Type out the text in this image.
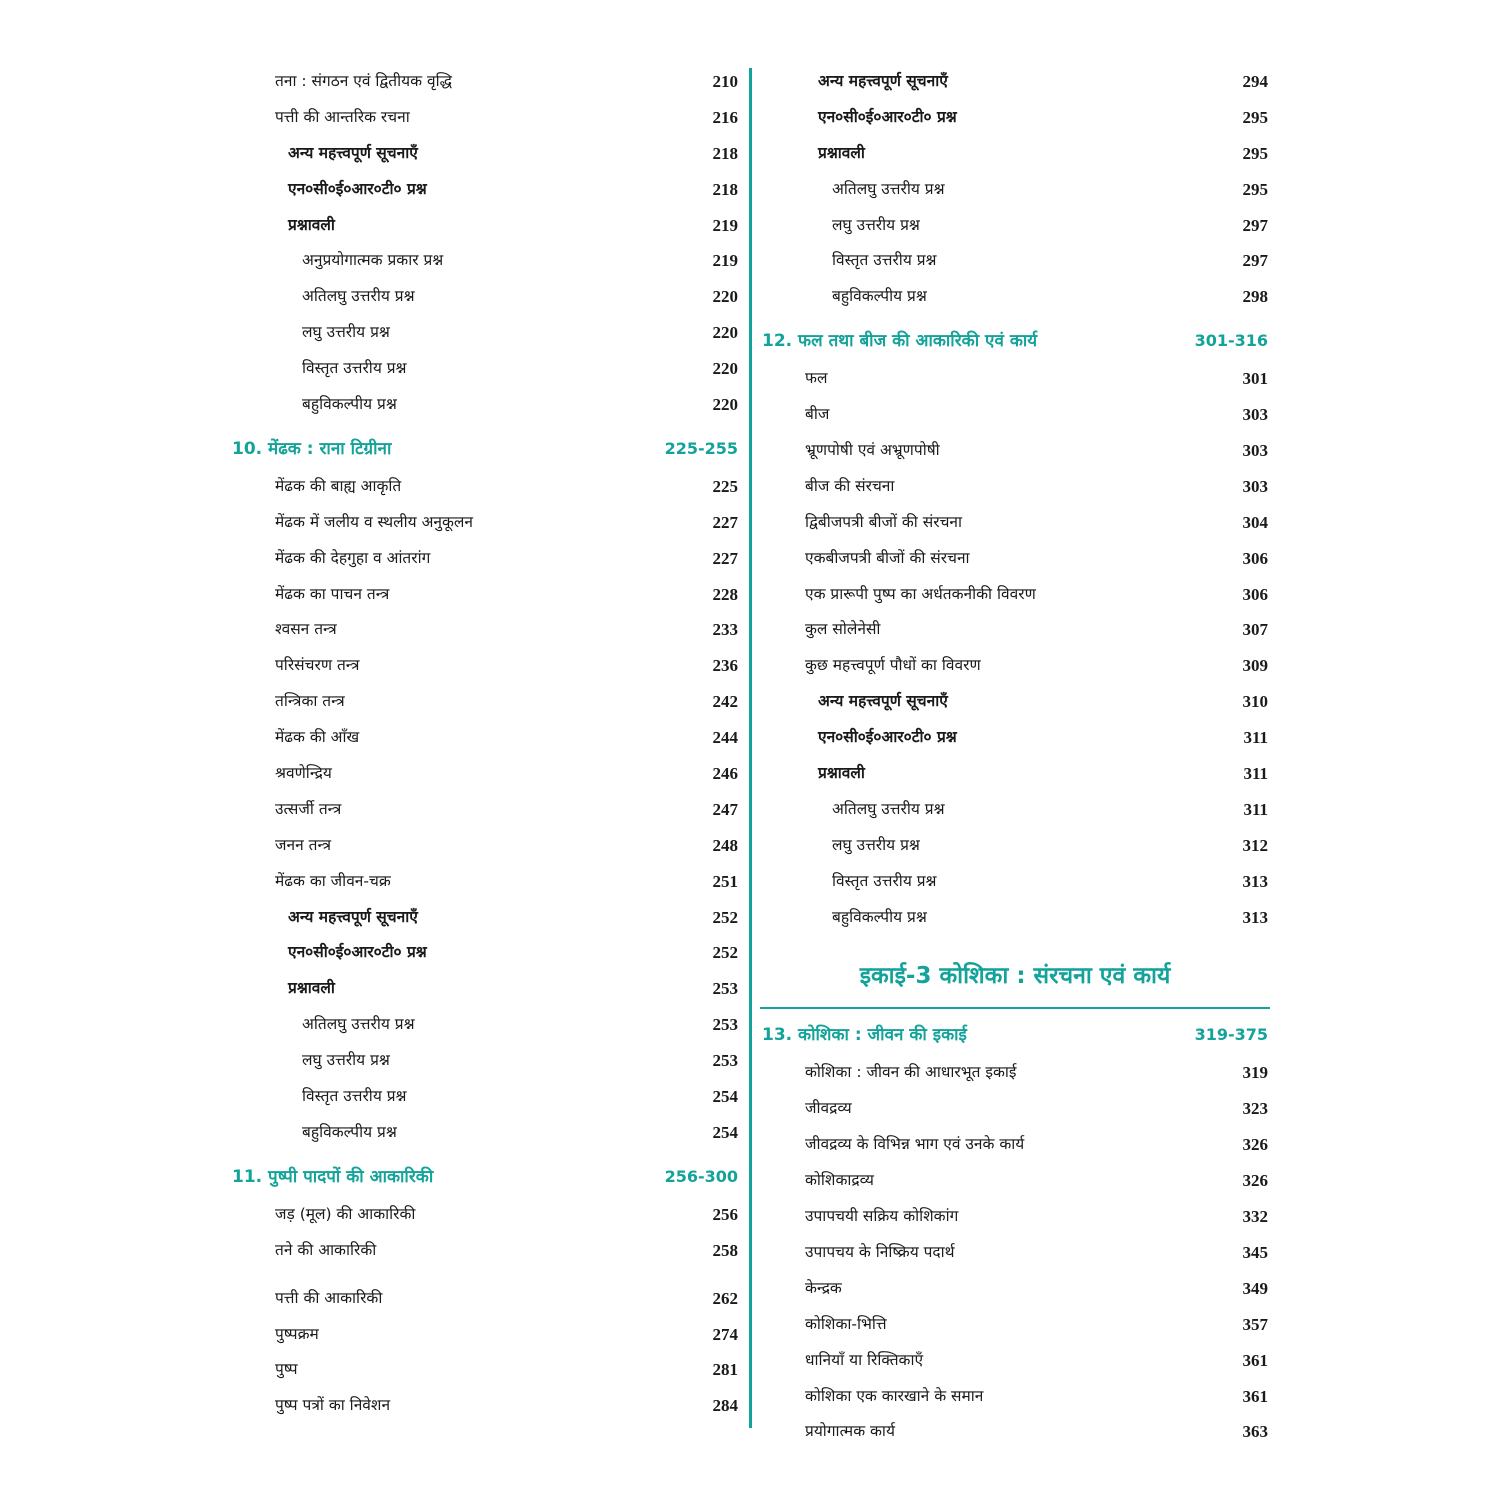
तना : संगठन एवं द्वितीयक वृद्धि	210
पत्ती की आन्तरिक रचना	216
अन्य महत्त्वपूर्ण सूचनाएँ	218
एन०सी०ई०आर०टी० प्रश्न	218
प्रश्नावली	219
अनुप्रयोगात्मक प्रकार प्रश्न	219
अतिलघु उत्तरीय प्रश्न	220
लघु उत्तरीय प्रश्न	220
विस्तृत उत्तरीय प्रश्न	220
बहुविकल्पीय प्रश्न	220
10. मेंढक : राना टिग्रीना	225-255
मेंढक की बाह्य आकृति	225
मेंढक में जलीय व स्थलीय अनुकूलन	227
मेंढक की देहगुहा व आंतरांग	227
मेंढक का पाचन तन्त्र	228
श्वसन तन्त्र	233
परिसंचरण तन्त्र	236
तन्त्रिका तन्त्र	242
मेंढक की आँख	244
श्रवणेन्द्रिय	246
उत्सर्जी तन्त्र	247
जनन तन्त्र	248
मेंढक का जीवन-चक्र	251
अन्य महत्त्वपूर्ण सूचनाएँ	252
एन०सी०ई०आर०टी० प्रश्न	252
प्रश्नावली	253
अतिलघु उत्तरीय प्रश्न	253
लघु उत्तरीय प्रश्न	253
विस्तृत उत्तरीय प्रश्न	254
बहुविकल्पीय प्रश्न	254
11. पुष्पी पादपों की आकारिकी	256-300
जड़ (मूल) की आकारिकी	256
तने की आकारिकी	258
पत्ती की आकारिकी	262
पुष्पक्रम	274
पुष्प	281
पुष्प पत्रों का निवेशन	284
अन्य महत्त्वपूर्ण सूचनाएँ	294
एन०सी०ई०आर०टी० प्रश्न	295
प्रश्नावली	295
अतिलघु उत्तरीय प्रश्न	295
लघु उत्तरीय प्रश्न	297
विस्तृत उत्तरीय प्रश्न	297
बहुविकल्पीय प्रश्न	298
12. फल तथा बीज की आकारिकी एवं कार्य	301-316
फल	301
बीज	303
भ्रूणपोषी एवं अभ्रूणपोषी	303
बीज की संरचना	303
द्विबीजपत्री बीजों की संरचना	304
एकबीजपत्री बीजों की संरचना	306
एक प्रारूपी पुष्प का अर्धतकनीकी विवरण	306
कुल सोलेनेसी	307
कुछ महत्त्वपूर्ण पौधों का विवरण	309
अन्य महत्त्वपूर्ण सूचनाएँ	310
एन०सी०ई०आर०टी० प्रश्न	311
प्रश्नावली	311
अतिलघु उत्तरीय प्रश्न	311
लघु उत्तरीय प्रश्न	312
विस्तृत उत्तरीय प्रश्न	313
बहुविकल्पीय प्रश्न	313
इकाई-3 कोशिका : संरचना एवं कार्य
13. कोशिका : जीवन की इकाई	319-375
कोशिका : जीवन की आधारभूत इकाई	319
जीवद्रव्य	323
जीवद्रव्य के विभिन्न भाग एवं उनके कार्य	326
कोशिकाद्रव्य	326
उपापचयी सक्रिय कोशिकांग	332
उपापचय के निष्क्रिय पदार्थ	345
केन्द्रक	349
कोशिका-भित्ति	357
धानियाँ या रिक्तिकाएँ	361
कोशिका एक कारखाने के समान	361
प्रयोगात्मक कार्य	363
